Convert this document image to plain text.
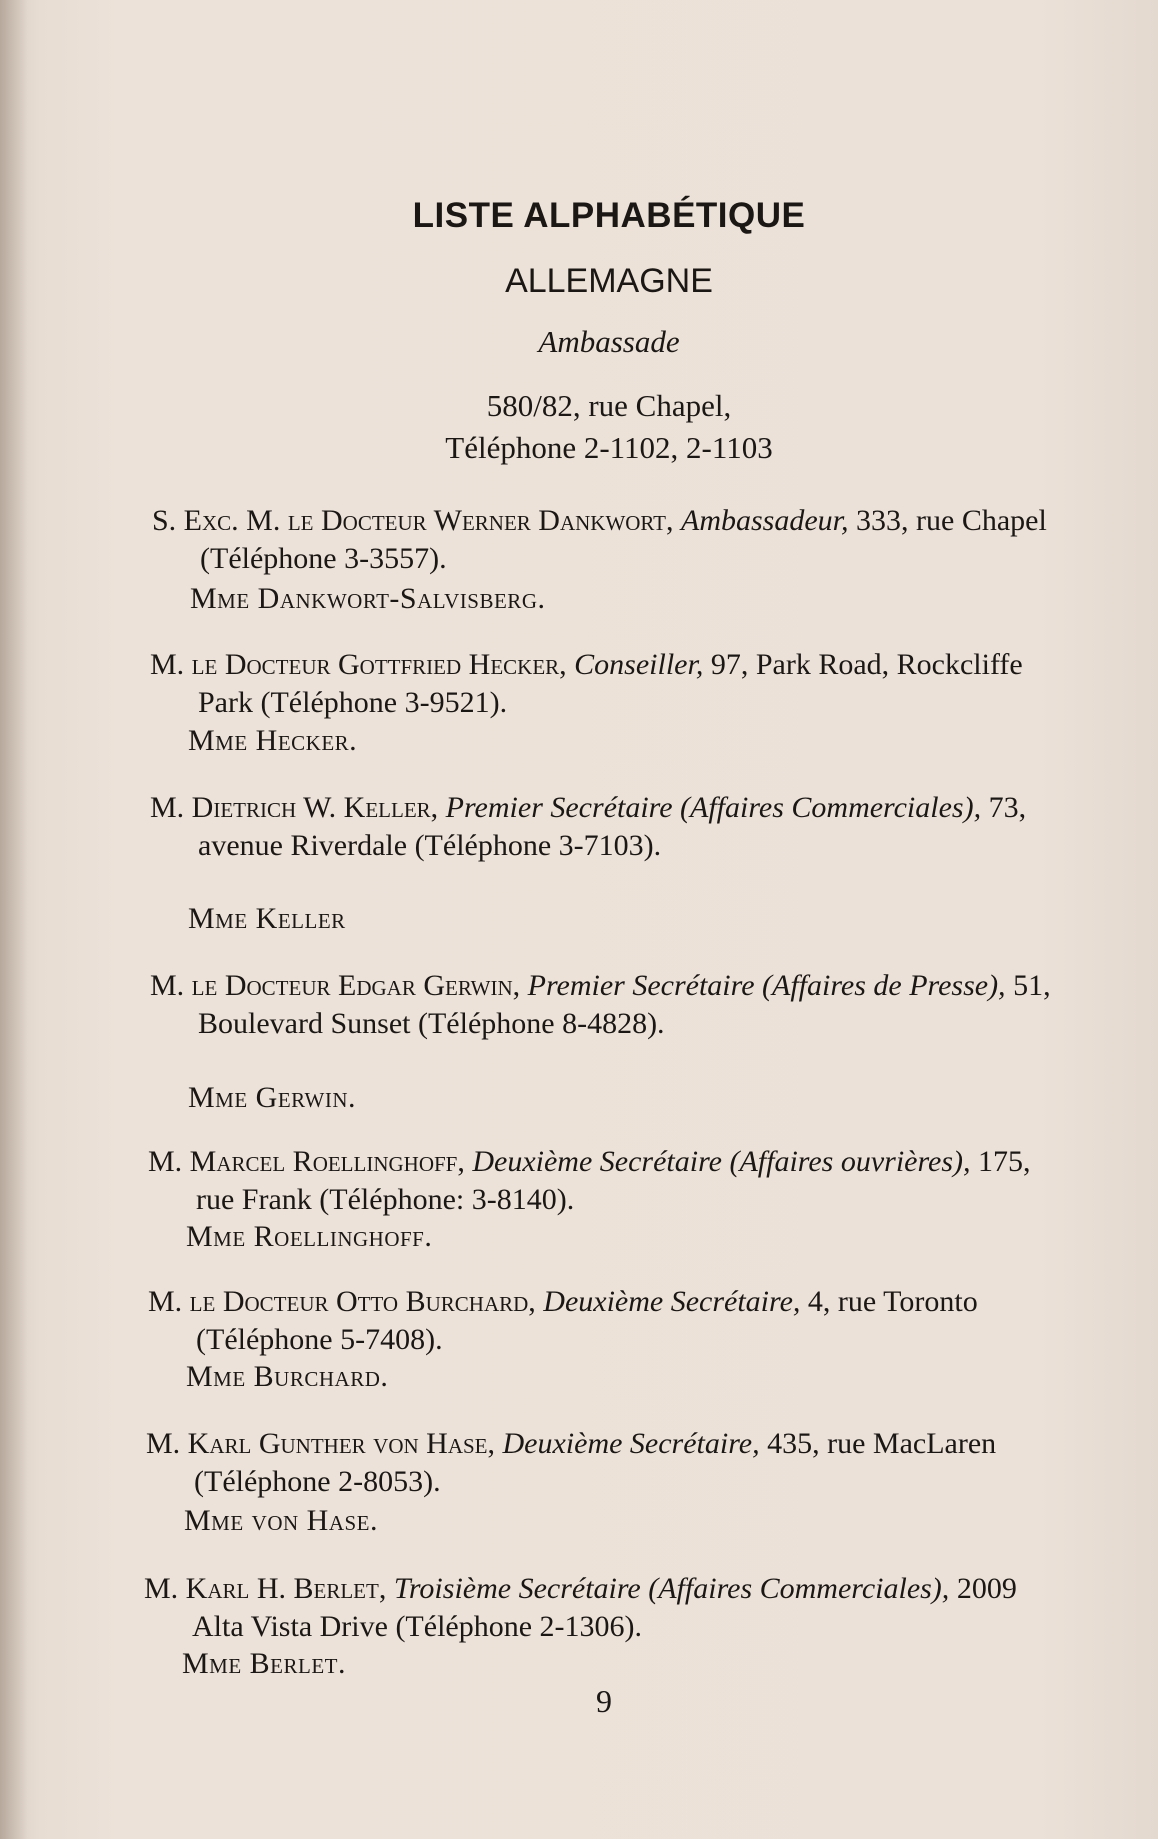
LISTE ALPHABÉTIQUE
ALLEMAGNE
Ambassade
580/82, rue Chapel,
Téléphone 2-1102, 2-1103
S. Exc. M. le Docteur Werner Dankwort, Ambassadeur, 333, rue Chapel (Téléphone 3-3557).
Mme Dankwort-Salvisberg.
M. le Docteur Gottfried Hecker, Conseiller, 97, Park Road, Rockcliffe Park (Téléphone 3-9521).
Mme Hecker.
M. Dietrich W. Keller, Premier Secrétaire (Affaires Commerciales), 73, avenue Riverdale (Téléphone 3-7103).
Mme Keller
M. le Docteur Edgar Gerwin, Premier Secrétaire (Affaires de Presse), 51, Boulevard Sunset (Téléphone 8-4828).
Mme Gerwin.
M. Marcel Roellinghoff, Deuxième Secrétaire (Affaires ouvrières), 175, rue Frank (Téléphone: 3-8140).
Mme Roellinghoff.
M. le Docteur Otto Burchard, Deuxième Secrétaire, 4, rue Toronto (Téléphone 5-7408).
Mme Burchard.
M. Karl Gunther von Hase, Deuxième Secrétaire, 435, rue MacLaren (Téléphone 2-8053).
Mme von Hase.
M. Karl H. Berlet, Troisième Secrétaire (Affaires Commerciales), 2009 Alta Vista Drive (Téléphone 2-1306).
Mme Berlet.
9
